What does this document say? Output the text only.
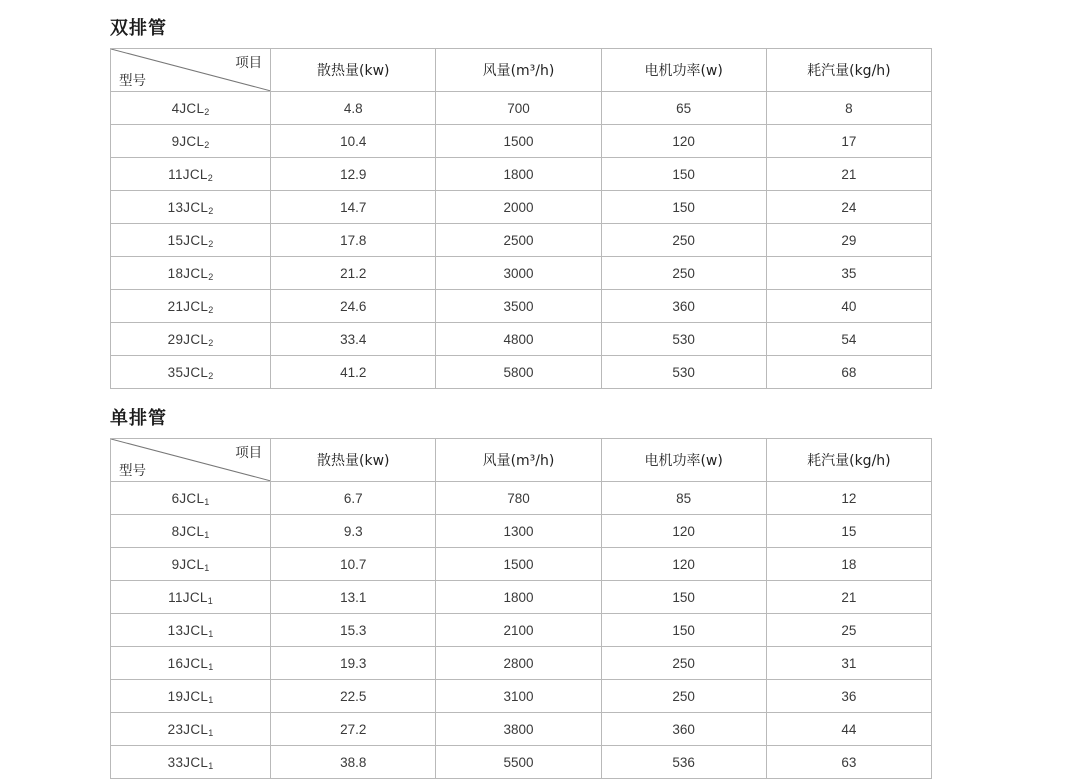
双排管
项目
型号	散热量(kw)	风量(m³/h)	电机功率(w)	耗汽量(kg/h)
$4JCL_2$	4.8	700	65	8
$9JCL_2$	10.4	1500	120	17
$11JCL_2$	12.9	1800	150	21
$13JCL_2$	14.7	2000	150	24
$15JCL_2$	17.8	2500	250	29
$18JCL_2$	21.2	3000	250	35
$21JCL_2$	24.6	3500	360	40
$29JCL_2$	33.4	4800	530	54
$35JCL_2$	41.2	5800	530	68
单排管
项目
型号	散热量(kw)	风量(m³/h)	电机功率(w)	耗汽量(kg/h)
$6JCL_1$	6.7	780	85	12
$8JCL_1$	9.3	1300	120	15
$9JCL_1$	10.7	1500	120	18
$11JCL_1$	13.1	1800	150	21
$13JCL_1$	15.3	2100	150	25
$16JCL_1$	19.3	2800	250	31
$19JCL_1$	22.5	3100	250	36
$23JCL_1$	27.2	3800	360	44
$33JCL_1$	38.8	5500	536	63
